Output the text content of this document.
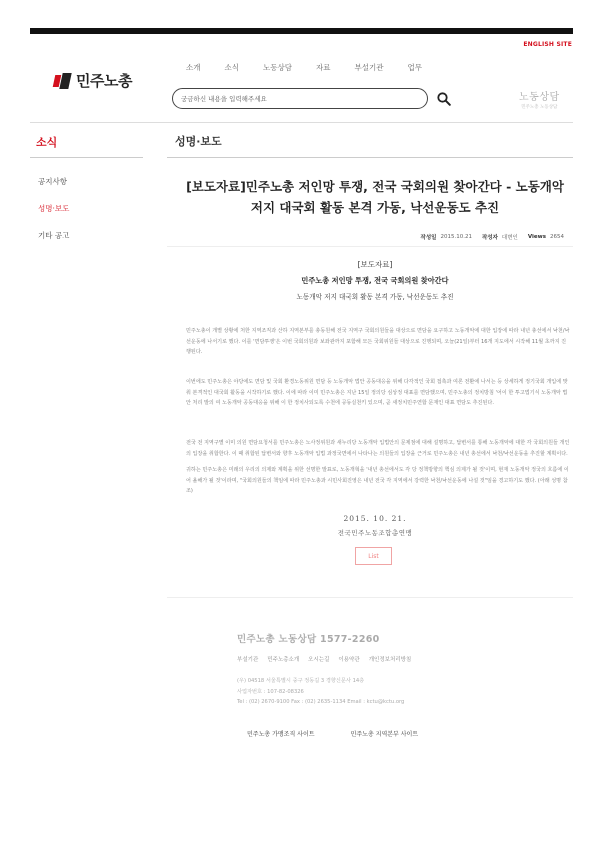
ENGLISH SITE
민주노총
소개	소식	노동상담	자료	부설기관	업무
궁금하신 내용을 입력해주세요
노동상담
민주노총 노동상담
소식
공지사항
성명·보도
기타 공고
성명·보도
[보도자료]민주노총 저인망 투쟁, 전국 국회의원 찾아간다 - 노동개악
저지 대국회 활동 본격 가동, 낙선운동도 추진
작성일 2015.10.21 작성자 대변인 Views 2654
[보도자료]
민주노총 저인망 투쟁, 전국 국회의원 찾아간다
노동개악 저지 대국회 활동 본격 가동, 낙선운동도 추진
민주노총이 개별 상황에 처한 지역조직과 산하 지역본부를 총동원해 전국 지역구 국회의원들을 대상으로 면담을 요구하고 노동개악에 대한 입장에 따라 내년 총선에서 낙천/낙선운동에 나서기로 했다. 이를 '면담투쟁'은 이번 국회의원과 보좌관까지 포함해 모든 국회위원들 대상으로 진행되며, 오늘(21일)부터 16개 지도에서 시작해 11월 초까지 진행된다.
이번에도 민주노총은 야당에도 면담 및 국회 환경노동위원 면담 등 노동개악 법안 공동대응을 위해 다각적인 국회 접촉과 여론 전환에 나서는 등 상세하게 정기국회 개입에 맞춰 본격적인 대국회 활동을 시작하기로 했다. 이에 따라 이미 민주노총은 지난 15일 정의당 심상정 대표를 면담했으며, 민주노총의 정치방침 '어이 한 투고법기식 노동개악 법안 처리 발의 여 노동개악 공동대응을 위해 이 한 정치사되도록 수천에 공동실천키 있으며, 곧 새정치민주연합 문재인 대표 면담도 추진된다.
전국 전 지역구별 이미 의원 면담요청서를 민주노총은 노사정위원과 새누리당 노동개악 입법안의 문제점에 대해 설명하고, 답변서를 통해 노동개악에 대한 각 국회의원들 개인의 입장을 취합한다. 이 때 취합된 답변서와 향후 노동개악 입법 과정국면에서 나타나는 의원들의 입장을 근거로 민주노총은 내년 총선에서 낙천/낙선운동을 추진할 계획이다.
귀하는 민주노총은 미래의 우리의 의제와 계획을 위한 선명한 발표로, 노동개혁을 '내년 총선에서도 각 당 정책방향의 핵심 의제가 될 것'이며, 현재 노동개악 정국의 흐름에 이어 올해가 될 것'이라며, "국회의원들의 책임에 따라 민주노총과 시민사회진영은 내년 전국 각 지역에서 강력한 낙천/낙선운동에 나설 것"임을 경고하기도 했다. (아래 성명 참조)
2015. 10. 21.
전국민주노동조합총연맹
List
민주노총 노동상담 1577-2260
부설기관 민주노총소개 오시는길 이용약관 개인정보처리방침
(우) 04518 서울특별시 중구 정동길 3 경향신문사 14층
사업자번호 : 107-82-08326
Tel : (02) 2670-9100 Fax : (02) 2635-1134 Email : kctu@kctu.org
민주노총 가맹조직 사이트	민주노총 지역본부 사이트
